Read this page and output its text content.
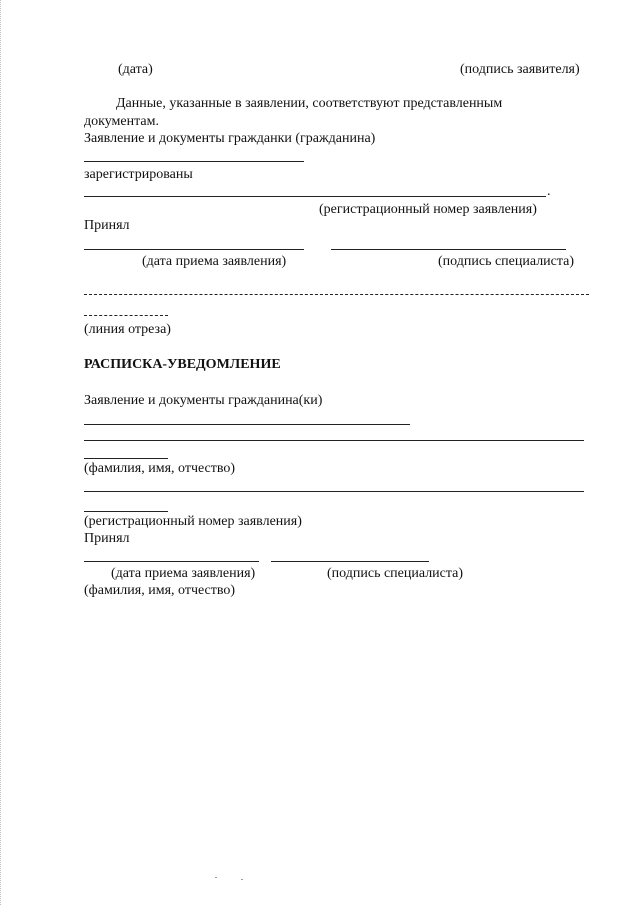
(дата)	(подпись заявителя)
Данные, указанные в заявлении, соответствуют представленным
документам.
Заявление и документы гражданки (гражданина)
зарегистрированы
.
(регистрационный номер заявления)
Принял
(дата приема заявления)	(подпись специалиста)
(линия отреза)
РАСПИСКА-УВЕДОМЛЕНИЕ
Заявление и документы гражданина(ки)
(фамилия, имя, отчество)
(регистрационный номер заявления)
Принял
(дата приема заявления)	(подпись специалиста)
(фамилия, имя, отчество)
